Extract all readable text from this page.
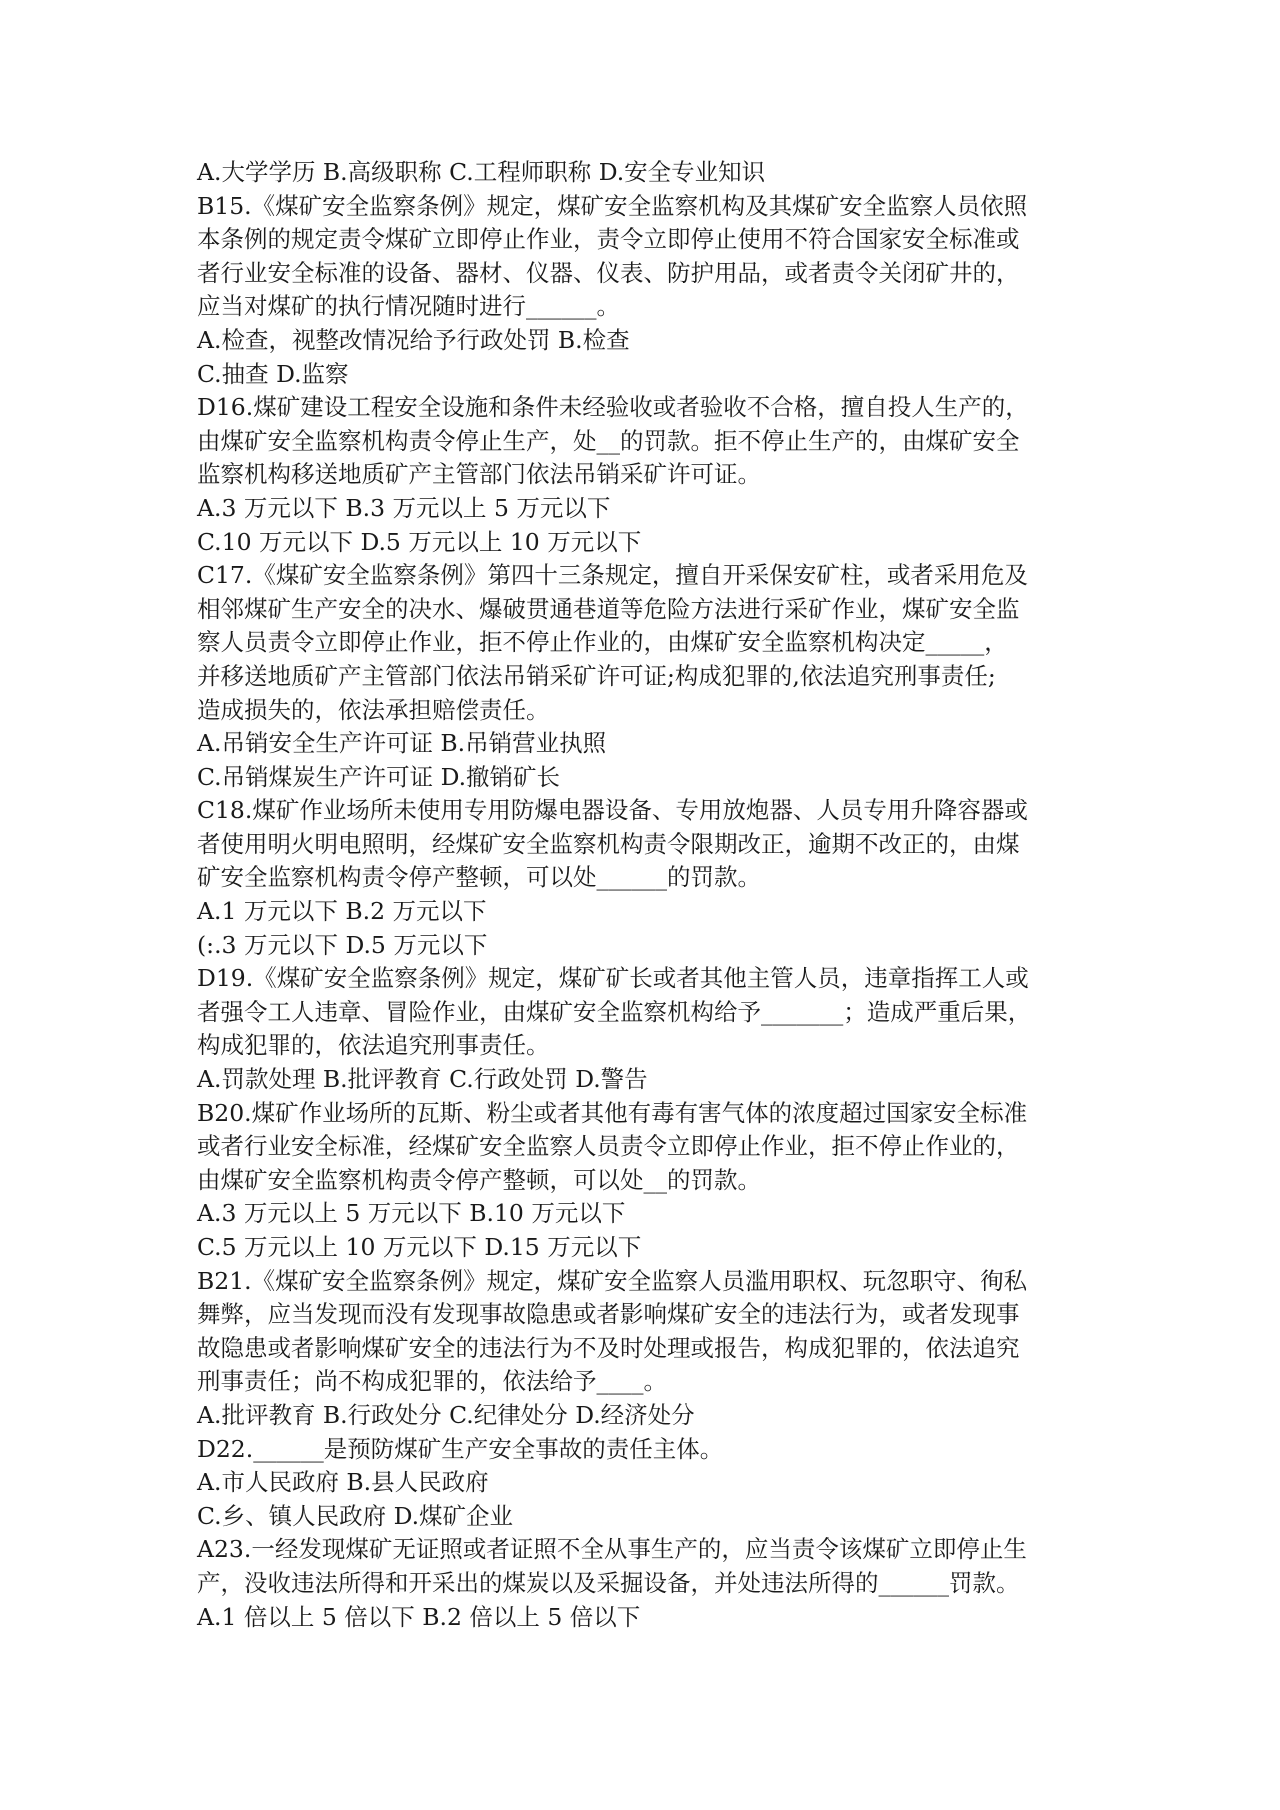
A.大学学历 B.高级职称 C.工程师职称 D.安全专业知识

B15.《煤矿安全监察条例》规定，煤矿安全监察机构及其煤矿安全监察人员依照

本条例的规定责令煤矿立即停止作业，责令立即停止使用不符合国家安全标准或

者行业安全标准的设备、器材、仪器、仪表、防护用品，或者责令关闭矿井的，

应当对煤矿的执行情况随时进行______。

A.检查，视整改情况给予行政处罚 B.检查

C.抽查 D.监察

D16.煤矿建设工程安全设施和条件未经验收或者验收不合格，擅自投人生产的，

由煤矿安全监察机构责令停止生产，处__的罚款。拒不停止生产的，由煤矿安全

监察机构移送地质矿产主管部门依法吊销采矿许可证。

A.3 万元以下 B.3 万元以上 5 万元以下

C.10 万元以下 D.5 万元以上 10 万元以下

C17.《煤矿安全监察条例》第四十三条规定，擅自开采保安矿柱，或者采用危及

相邻煤矿生产安全的决水、爆破贯通巷道等危险方法进行采矿作业，煤矿安全监

察人员责令立即停止作业，拒不停止作业的，由煤矿安全监察机构决定_____，

并移送地质矿产主管部门依法吊销采矿许可证;构成犯罪的,依法追究刑事责任;

造成损失的，依法承担赔偿责任。

A.吊销安全生产许可证 B.吊销营业执照

C.吊销煤炭生产许可证 D.撤销矿长

C18.煤矿作业场所未使用专用防爆电器设备、专用放炮器、人员专用升降容器或

者使用明火明电照明，经煤矿安全监察机构责令限期改正，逾期不改正的，由煤

矿安全监察机构责令停产整顿，可以处______的罚款。

A.1 万元以下 B.2 万元以下

(:.3 万元以下 D.5 万元以下

D19.《煤矿安全监察条例》规定，煤矿矿长或者其他主管人员，违章指挥工人或

者强令工人违章、冒险作业，由煤矿安全监察机构给予_______；造成严重后果，

构成犯罪的，依法追究刑事责任。

A.罚款处理 B.批评教育 C.行政处罚 D.警告

B20.煤矿作业场所的瓦斯、粉尘或者其他有毒有害气体的浓度超过国家安全标准

或者行业安全标准，经煤矿安全监察人员责令立即停止作业，拒不停止作业的，

由煤矿安全监察机构责令停产整顿，可以处__的罚款。

A.3 万元以上 5 万元以下 B.10 万元以下

C.5 万元以上 10 万元以下 D.15 万元以下

B21.《煤矿安全监察条例》规定，煤矿安全监察人员滥用职权、玩忽职守、徇私

舞弊，应当发现而没有发现事故隐患或者影响煤矿安全的违法行为，或者发现事

故隐患或者影响煤矿安全的违法行为不及时处理或报告，构成犯罪的，依法追究

刑事责任；尚不构成犯罪的，依法给予____。

A.批评教育 B.行政处分 C.纪律处分 D.经济处分

D22.______是预防煤矿生产安全事故的责任主体。

A.市人民政府 B.县人民政府

C.乡、镇人民政府 D.煤矿企业

A23.一经发现煤矿无证照或者证照不全从事生产的，应当责令该煤矿立即停止生

产，没收违法所得和开采出的煤炭以及采掘设备，并处违法所得的______罚款。

A.1 倍以上 5 倍以下 B.2 倍以上 5 倍以下
